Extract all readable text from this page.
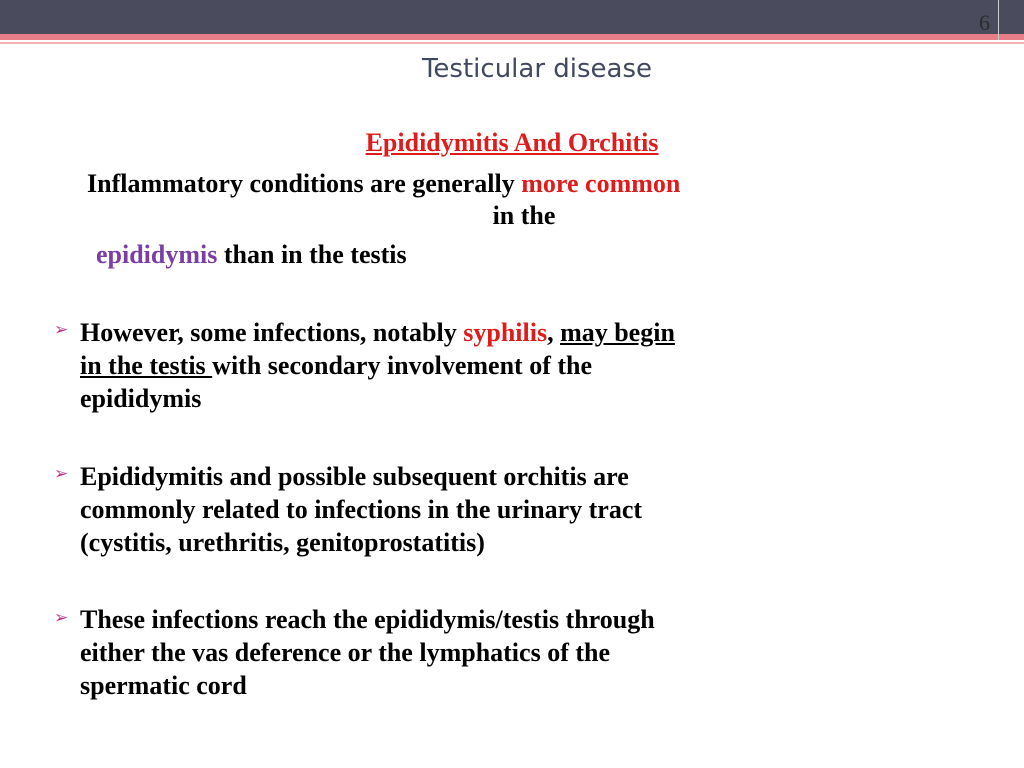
6
Testicular disease
Epididymitis And Orchitis
Inflammatory conditions are generally more common
in the
epididymis than in the testis
➢ However, some infections, notably syphilis, may begin
in the testis with secondary involvement of the
epididymis
➢ Epididymitis and possible subsequent orchitis are
commonly related to infections in the urinary tract
(cystitis, urethritis, genitoprostatitis)
➢ These infections reach the epididymis/testis through
either the vas deference or the lymphatics of the
spermatic cord
